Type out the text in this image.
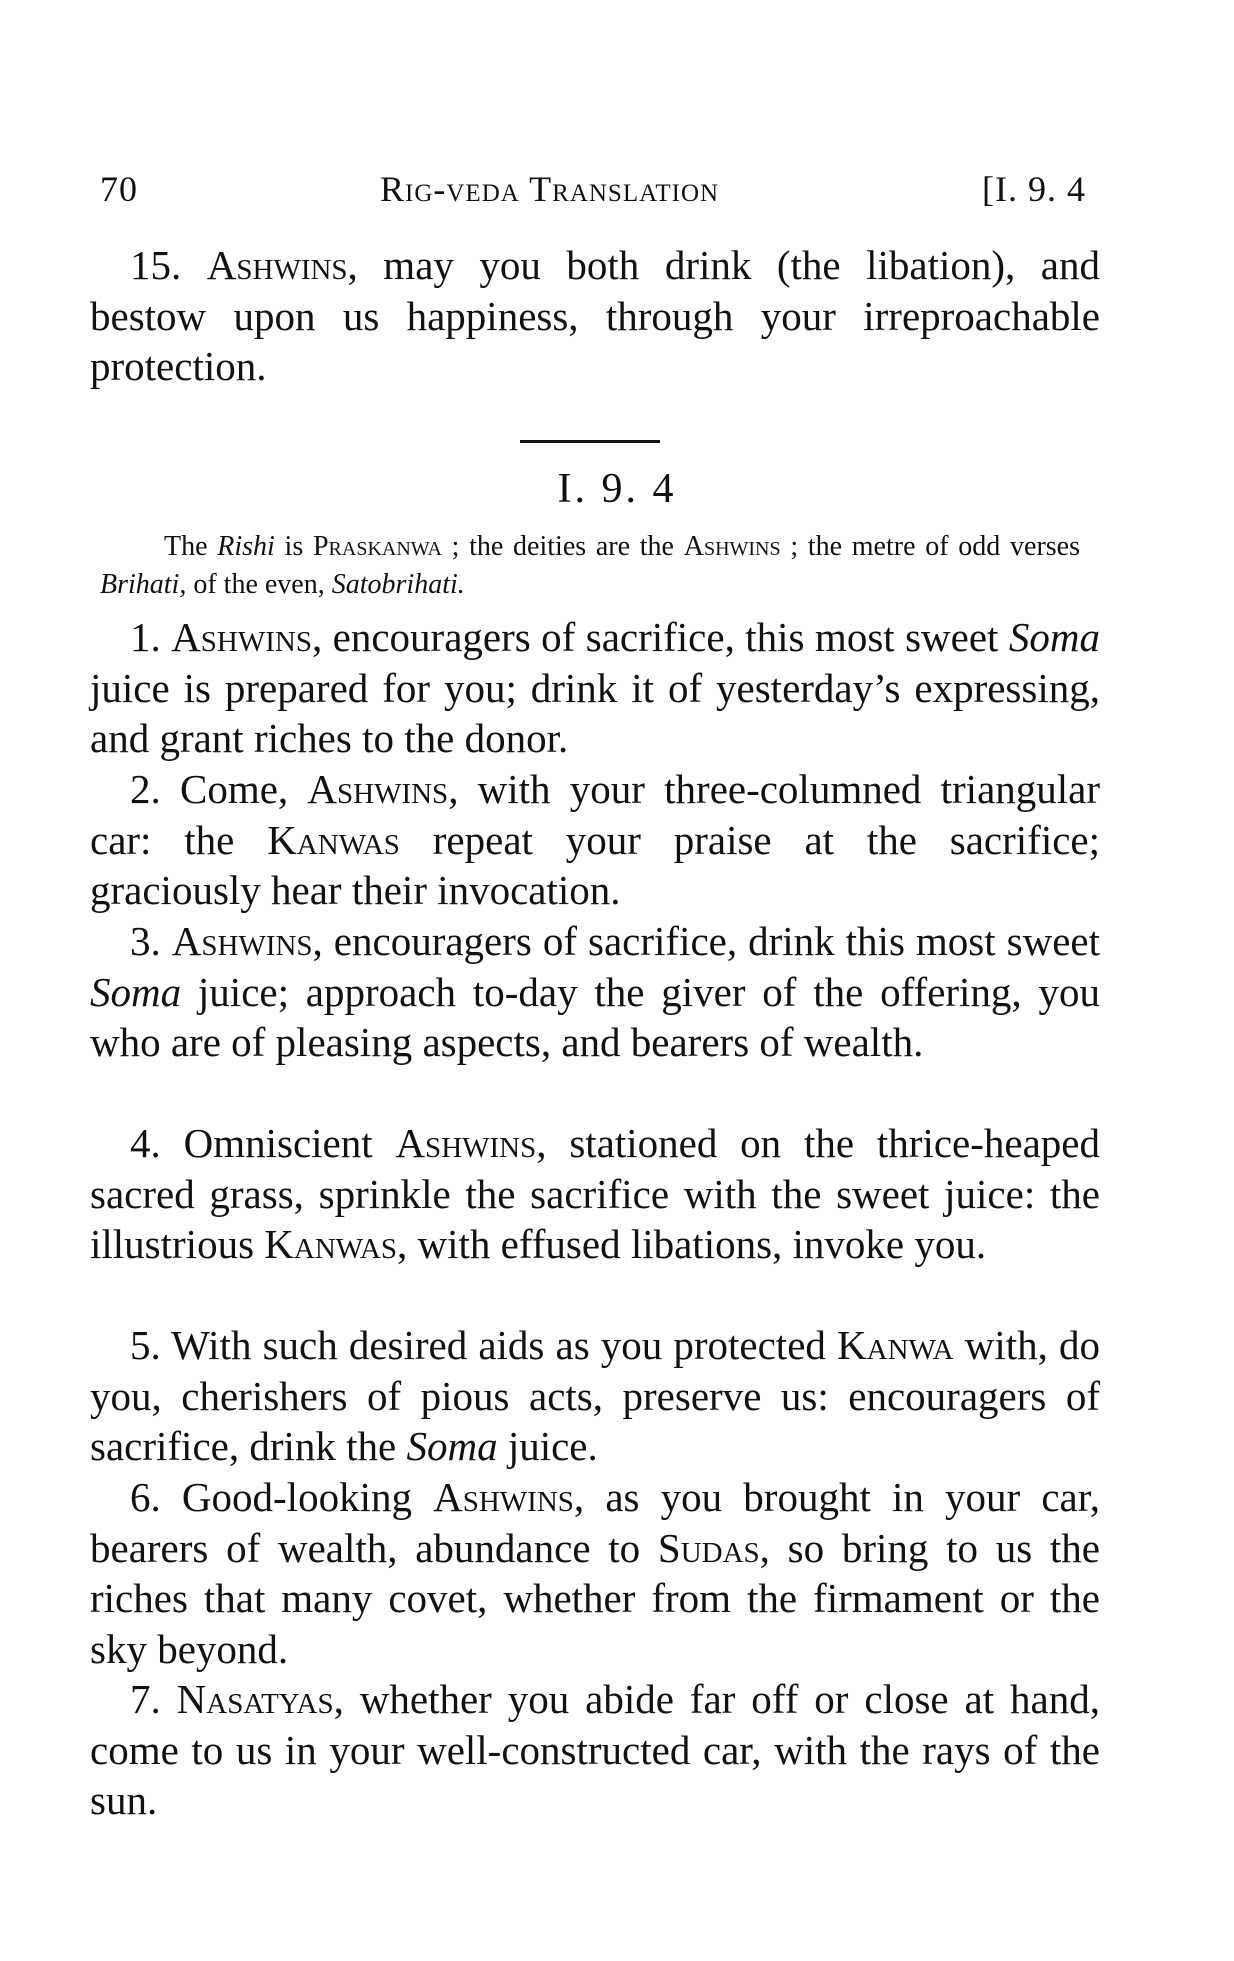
70	Rig-veda Translation	[I. 9. 4

15. Ashwins, may you both drink (the libation), and bestow upon us happiness, through your irreproachable protection.

I. 9. 4

The Rishi is Praskanwa ; the deities are the Ashwins ; the metre of odd verses Brihati, of the even, Satobrihati.

1. Ashwins, encouragers of sacrifice, this most sweet Soma juice is prepared for you; drink it of yesterday’s expressing, and grant riches to the donor.

2. Come, Ashwins, with your three-columned triangular car: the Kanwas repeat your praise at the sacrifice; graciously hear their invocation.

3. Ashwins, encouragers of sacrifice, drink this most sweet Soma juice; approach to-day the giver of the offering, you who are of pleasing aspects, and bearers of wealth.

4. Omniscient Ashwins, stationed on the thrice-heaped sacred grass, sprinkle the sacrifice with the sweet juice: the illustrious Kanwas, with effused libations, invoke you.

5. With such desired aids as you protected Kanwa with, do you, cherishers of pious acts, preserve us: encouragers of sacrifice, drink the Soma juice.

6. Good-looking Ashwins, as you brought in your car, bearers of wealth, abundance to Sudas, so bring to us the riches that many covet, whether from the firmament or the sky beyond.

7. Nasatyas, whether you abide far off or close at hand, come to us in your well-constructed car, with the rays of the sun.
